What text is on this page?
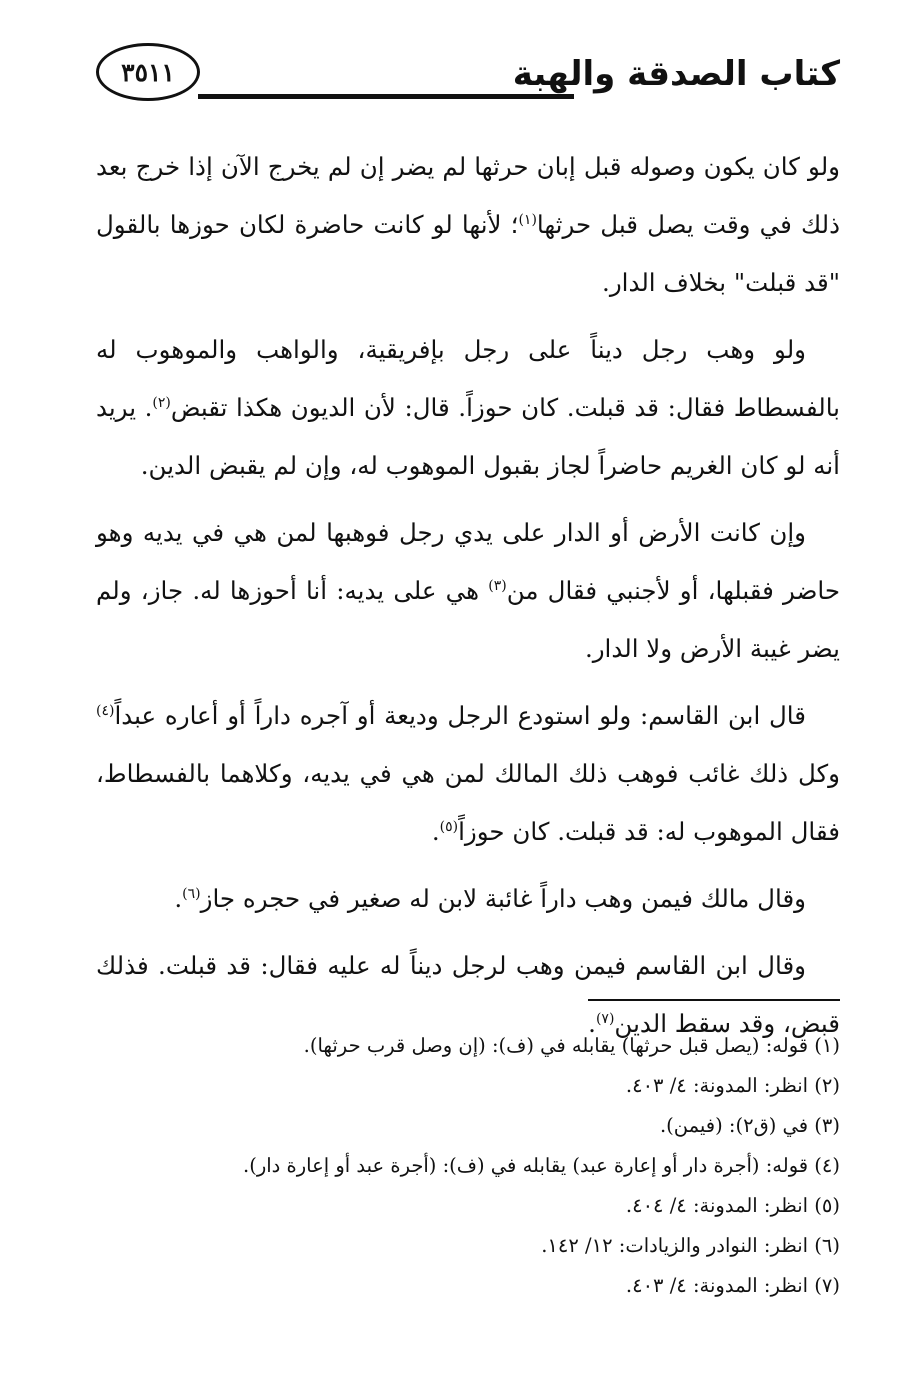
كتاب الصدقة والهبة
٣٥١١

ولو كان يكون وصوله قبل إبان حرثها لم يضر إن لم يخرج الآن إذا خرج بعد ذلك في وقت يصل قبل حرثها$^{(١)}$؛ لأنها لو كانت حاضرة لكان حوزها بالقول "قد قبلت" بخلاف الدار.

ولو وهب رجل ديناً على رجل بإفريقية، والواهب والموهوب له بالفسطاط فقال: قد قبلت. كان حوزاً. قال: لأن الديون هكذا تقبض$^{(٢)}$. يريد أنه لو كان الغريم حاضراً لجاز بقبول الموهوب له، وإن لم يقبض الدين.

وإن كانت الأرض أو الدار على يدي رجل فوهبها لمن هي في يديه وهو حاضر فقبلها، أو لأجنبي فقال من$^{(٣)}$ هي على يديه: أنا أحوزها له. جاز، ولم يضر غيبة الأرض ولا الدار.

قال ابن القاسم: ولو استودع الرجل وديعة أو آجره داراً أو أعاره عبداً$^{(٤)}$ وكل ذلك غائب فوهب ذلك المالك لمن هي في يديه، وكلاهما بالفسطاط، فقال الموهوب له: قد قبلت. كان حوزاً$^{(٥)}$.

وقال مالك فيمن وهب داراً غائبة لابن له صغير في حجره جاز$^{(٦)}$.

وقال ابن القاسم فيمن وهب لرجل ديناً له عليه فقال: قد قبلت. فذلك قبض، وقد سقط الدين$^{(٧)}$.

(١) قوله: (يصل قبل حرثها) يقابله في (ف): (إن وصل قرب حرثها).
(٢) انظر: المدونة: ٤/ ٤٠٣.
(٣) في (ق٢): (فيمن).
(٤) قوله: (أجرة دار أو إعارة عبد) يقابله في (ف): (أجرة عبد أو إعارة دار).
(٥) انظر: المدونة: ٤/ ٤٠٤.
(٦) انظر: النوادر والزيادات: ١٢/ ١٤٢.
(٧) انظر: المدونة: ٤/ ٤٠٣.
